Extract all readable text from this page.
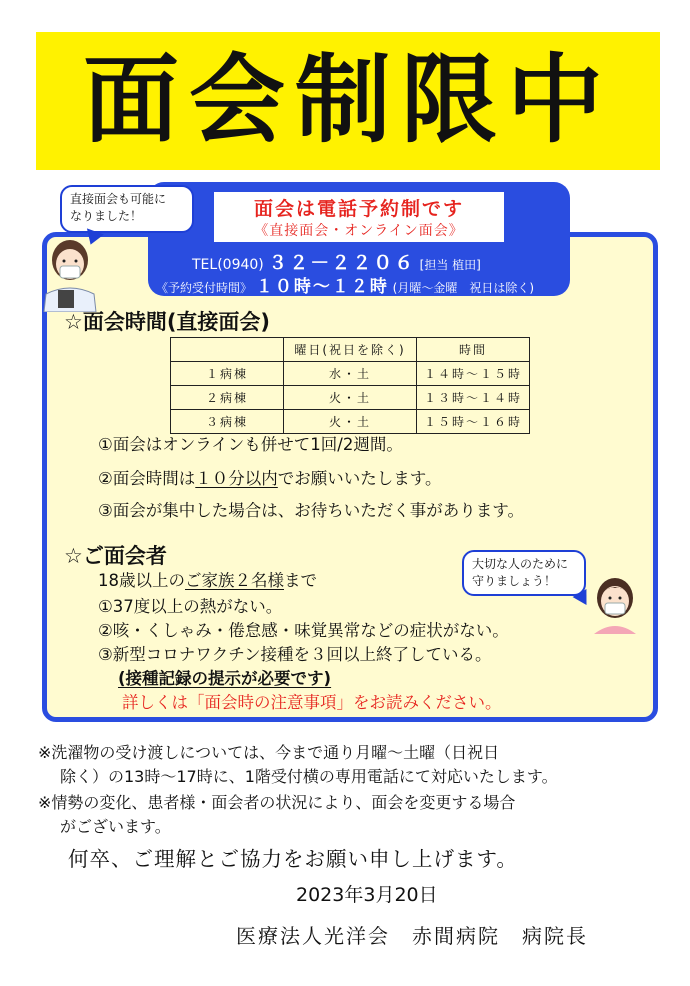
面会制限中
面会は電話予約制です
《直接面会・オンライン面会》
TEL(0940) ３２－２２０６ [担当 植田]
《予約受付時間》 １０時～１２時 (月曜～金曜　祝日は除く)
直接面会も可能に
なりました！
☆面会時間(直接面会)
	曜日(祝日を除く)	時間
１病棟	水・土	１４時～１５時
２病棟	火・土	１３時～１４時
３病棟	火・土	１５時～１６時
①面会はオンラインも併せて1回/2週間。
②面会時間は１０分以内でお願いいたします。
③面会が集中した場合は、お待ちいただく事があります。
☆ご面会者
18歳以上のご家族２名様まで
①37度以上の熱がない。
②咳・くしゃみ・倦怠感・味覚異常などの症状がない。
③新型コロナワクチン接種を３回以上終了している。
(接種記録の提示が必要です)
詳しくは「面会時の注意事項」をお読みください。
大切な人のために
守りましょう！
※洗濯物の受け渡しについては、今まで通り月曜～土曜（日祝日
除く）の13時～17時に、1階受付横の専用電話にて対応いたします。
※情勢の変化、患者様・面会者の状況により、面会を変更する場合
がございます。
何卒、ご理解とご協力をお願い申し上げます。
2023年3月20日
医療法人光洋会　赤間病院　病院長
